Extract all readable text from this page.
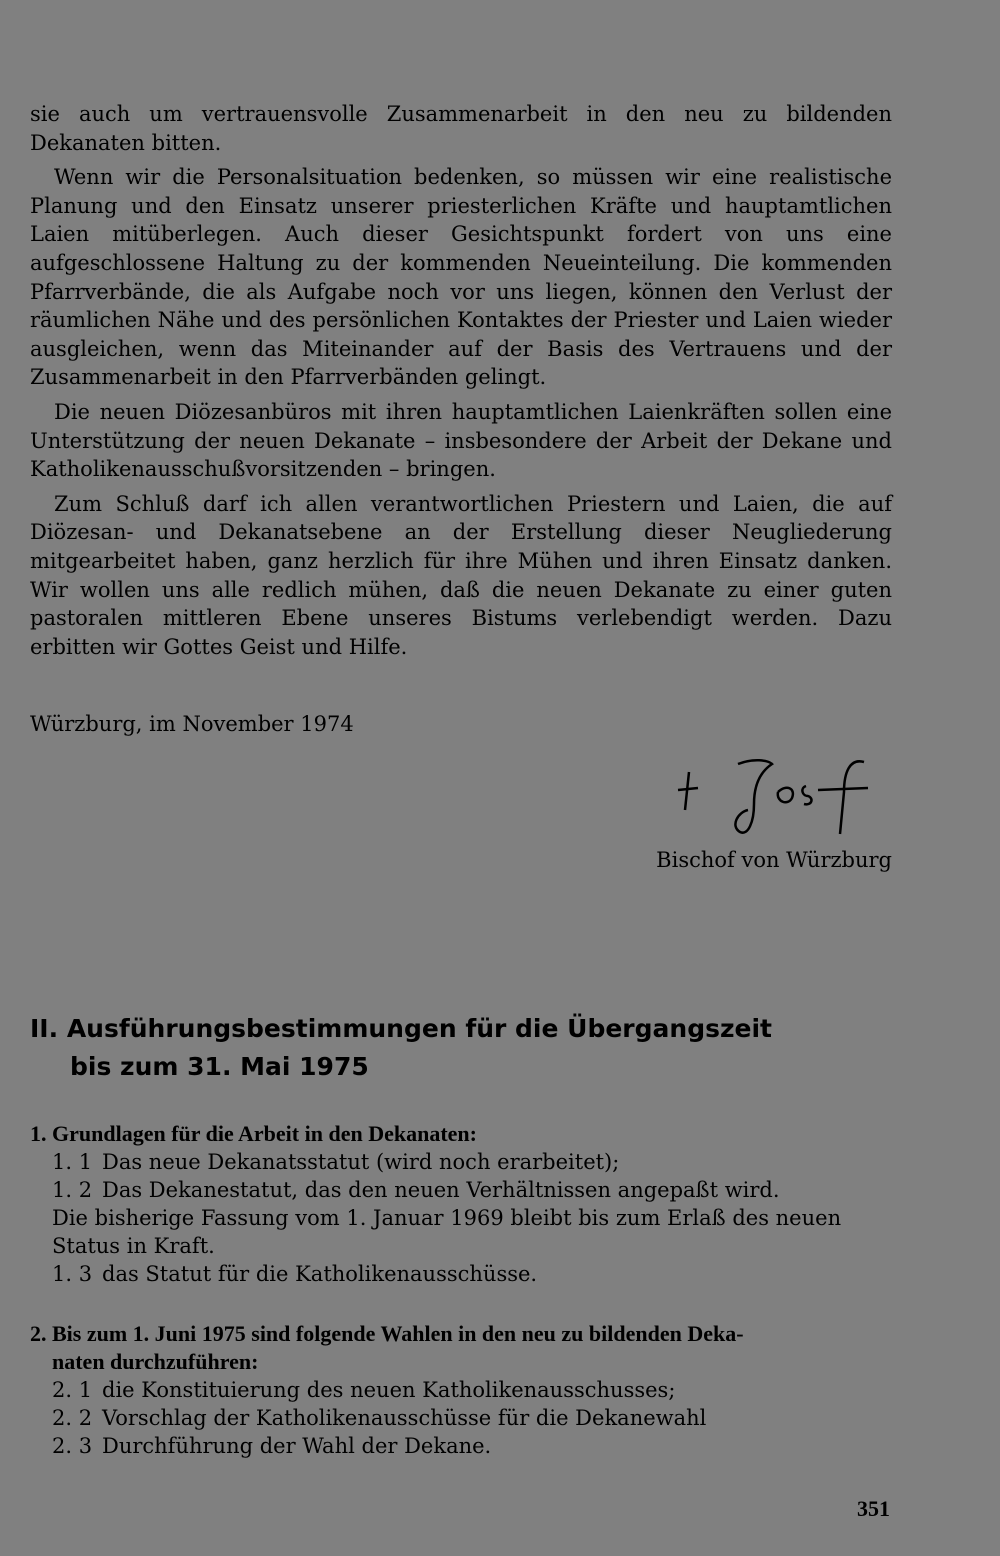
sie auch um vertrauensvolle Zusammenarbeit in den neu zu bildenden Dekanaten bitten.

Wenn wir die Personalsituation bedenken, so müssen wir eine realistische Planung und den Einsatz unserer priesterlichen Kräfte und hauptamtlichen Laien mitüberlegen. Auch dieser Gesichtspunkt fordert von uns eine aufgeschlossene Haltung zu der kommenden Neueinteilung. Die kommenden Pfarrverbände, die als Aufgabe noch vor uns liegen, können den Verlust der räumlichen Nähe und des persönlichen Kontaktes der Priester und Laien wieder ausgleichen, wenn das Miteinander auf der Basis des Vertrauens und der Zusammenarbeit in den Pfarrverbänden gelingt.

Die neuen Diözesanbüros mit ihren hauptamtlichen Laienkräften sollen eine Unterstützung der neuen Dekanate – insbesondere der Arbeit der Dekane und Katholikenausschußvorsitzenden – bringen.

Zum Schluß darf ich allen verantwortlichen Priestern und Laien, die auf Diözesan- und Dekanatsebene an der Erstellung dieser Neugliederung mitgearbeitet haben, ganz herzlich für ihre Mühen und ihren Einsatz danken. Wir wollen uns alle redlich mühen, daß die neuen Dekanate zu einer guten pastoralen mittleren Ebene unseres Bistums verlebendigt werden. Dazu erbitten wir Gottes Geist und Hilfe.

Würzburg, im November 1974
Bischof von Würzburg
II. Ausführungsbestimmungen für die Übergangszeit
bis zum 31. Mai 1975
1. Grundlagen für die Arbeit in den Dekanaten:
1. 1 Das neue Dekanatsstatut (wird noch erarbeitet);
1. 2 Das Dekanestatut, das den neuen Verhältnissen angepaßt wird.
Die bisherige Fassung vom 1. Januar 1969 bleibt bis zum Erlaß des neuen Status in Kraft.
1. 3 das Statut für die Katholikenausschüsse.
2. Bis zum 1. Juni 1975 sind folgende Wahlen in den neu zu bildenden Deka-
naten durchzuführen:
2. 1 die Konstituierung des neuen Katholikenausschusses;
2. 2 Vorschlag der Katholikenausschüsse für die Dekanewahl
2. 3 Durchführung der Wahl der Dekane.
351
